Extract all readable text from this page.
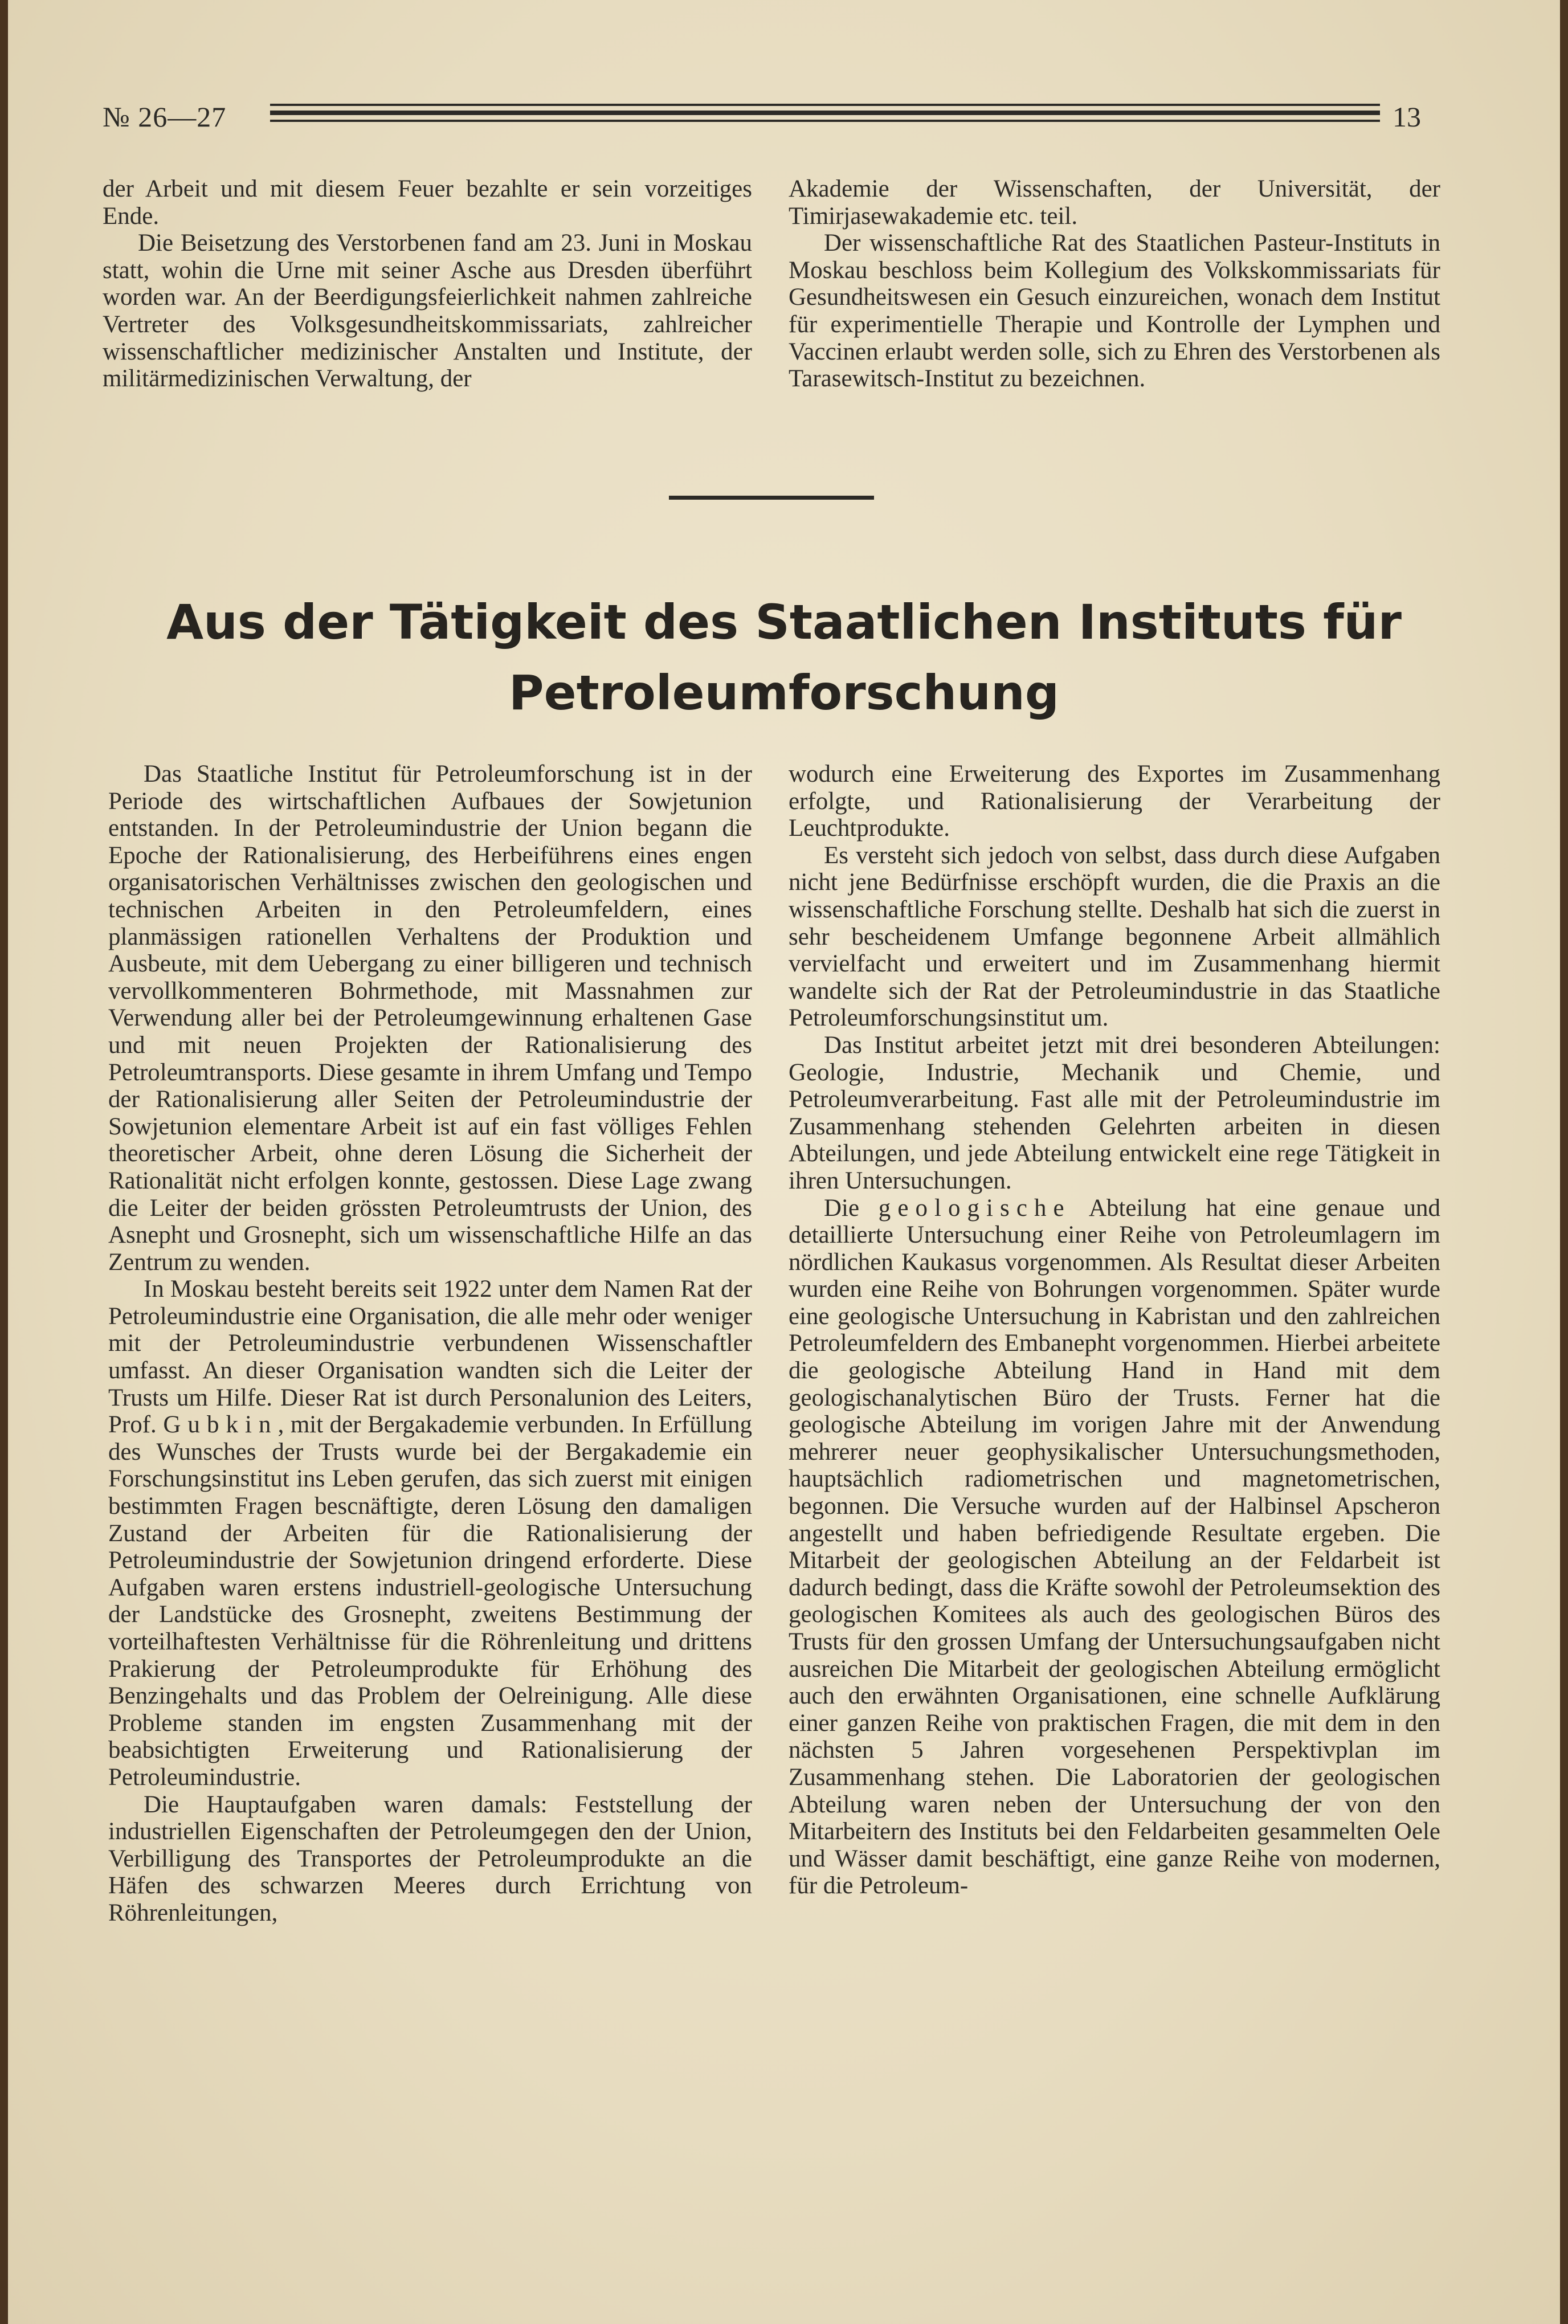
№ 26—27	13

der Arbeit und mit diesem Feuer bezahlte er sein vorzeitiges Ende.

Die Beisetzung des Verstorbenen fand am 23. Juni in Moskau statt, wohin die Urne mit seiner Asche aus Dresden überführt worden war. An der Beerdigungsfeierlichkeit nahmen zahlreiche Vertreter des Volksgesundheitskommissariats, zahlreicher wissenschaftlicher medizinischer Anstalten und Institute, der militärmedizinischen Verwaltung, der

Akademie der Wissenschaften, der Universität, der Timirjasewakademie etc. teil.

Der wissenschaftliche Rat des Staatlichen Pasteur-Instituts in Moskau beschloss beim Kollegium des Volkskommissariats für Gesundheitswesen ein Gesuch einzureichen, wonach dem Institut für experimentielle Therapie und Kontrolle der Lymphen und Vaccinen erlaubt werden solle, sich zu Ehren des Verstorbenen als Tarasewitsch-Institut zu bezeichnen.

Aus der Tätigkeit des Staatlichen Instituts für
Petroleumforschung

Das Staatliche Institut für Petroleumforschung ist in der Periode des wirtschaftlichen Aufbaues der Sowjetunion entstanden. In der Petroleumindustrie der Union begann die Epoche der Rationalisierung, des Herbeiführens eines engen organisatorischen Verhältnisses zwischen den geologischen und technischen Arbeiten in den Petroleumfeldern, eines planmässigen rationellen Verhaltens der Produktion und Ausbeute, mit dem Uebergang zu einer billigeren und technisch vervollkommenteren Bohrmethode, mit Massnahmen zur Verwendung aller bei der Petroleumgewinnung erhaltenen Gase und mit neuen Projekten der Rationalisierung des Petroleumtransports. Diese gesamte in ihrem Umfang und Tempo der Rationalisierung aller Seiten der Petroleumindustrie der Sowjetunion elementare Arbeit ist auf ein fast völliges Fehlen theoretischer Arbeit, ohne deren Lösung die Sicherheit der Rationalität nicht erfolgen konnte, gestossen. Diese Lage zwang die Leiter der beiden grössten Petroleumtrusts der Union, des Asnepht und Grosnepht, sich um wissenschaftliche Hilfe an das Zentrum zu wenden.

In Moskau besteht bereits seit 1922 unter dem Namen Rat der Petroleumindustrie eine Organisation, die alle mehr oder weniger mit der Petroleumindustrie verbundenen Wissenschaftler umfasst. An dieser Organisation wandten sich die Leiter der Trusts um Hilfe. Dieser Rat ist durch Personalunion des Leiters, Prof. Gubkin, mit der Bergakademie verbunden. In Erfüllung des Wunsches der Trusts wurde bei der Bergakademie ein Forschungsinstitut ins Leben gerufen, das sich zuerst mit einigen bestimmten Fragen bescnäftigte, deren Lösung den damaligen Zustand der Arbeiten für die Rationalisierung der Petroleumindustrie der Sowjetunion dringend erforderte. Diese Aufgaben waren erstens industriell-geologische Untersuchung der Landstücke des Grosnepht, zweitens Bestimmung der vorteilhaftesten Verhältnisse für die Röhrenleitung und drittens Prakierung der Petroleumprodukte für Erhöhung des Benzingehalts und das Problem der Oelreinigung. Alle diese Probleme standen im engsten Zusammenhang mit der beabsichtigten Erweiterung und Rationalisierung der Petroleumindustrie.

Die Hauptaufgaben waren damals: Feststellung der industriellen Eigenschaften der Petroleumgegen den der Union, Verbilligung des Transportes der Petroleumprodukte an die Häfen des schwarzen Meeres durch Errichtung von Röhrenleitungen,

wodurch eine Erweiterung des Exportes im Zusammenhang erfolgte, und Rationalisierung der Verarbeitung der Leuchtprodukte.

Es versteht sich jedoch von selbst, dass durch diese Aufgaben nicht jene Bedürfnisse erschöpft wurden, die die Praxis an die wissenschaftliche Forschung stellte. Deshalb hat sich die zuerst in sehr bescheidenem Umfange begonnene Arbeit allmählich vervielfacht und erweitert und im Zusammenhang hiermit wandelte sich der Rat der Petroleumindustrie in das Staatliche Petroleumforschungsinstitut um.

Das Institut arbeitet jetzt mit drei besonderen Abteilungen: Geologie, Industrie, Mechanik und Chemie, und Petroleumverarbeitung. Fast alle mit der Petroleumindustrie im Zusammenhang stehenden Gelehrten arbeiten in diesen Abteilungen, und jede Abteilung entwickelt eine rege Tätigkeit in ihren Untersuchungen.

Die geologische Abteilung hat eine genaue und detaillierte Untersuchung einer Reihe von Petroleumlagern im nördlichen Kaukasus vorgenommen. Als Resultat dieser Arbeiten wurden eine Reihe von Bohrungen vorgenommen. Später wurde eine geologische Untersuchung in Kabristan und den zahlreichen Petroleumfeldern des Embanepht vorgenommen. Hierbei arbeitete die geologische Abteilung Hand in Hand mit dem geologischanalytischen Büro der Trusts. Ferner hat die geologische Abteilung im vorigen Jahre mit der Anwendung mehrerer neuer geophysikalischer Untersuchungsmethoden, hauptsächlich radiometrischen und magnetometrischen, begonnen. Die Versuche wurden auf der Halbinsel Apscheron angestellt und haben befriedigende Resultate ergeben. Die Mitarbeit der geologischen Abteilung an der Feldarbeit ist dadurch bedingt, dass die Kräfte sowohl der Petroleumsektion des geologischen Komitees als auch des geologischen Büros des Trusts für den grossen Umfang der Untersuchungsaufgaben nicht ausreichen Die Mitarbeit der geologischen Abteilung ermöglicht auch den erwähnten Organisationen, eine schnelle Aufklärung einer ganzen Reihe von praktischen Fragen, die mit dem in den nächsten 5 Jahren vorgesehenen Perspektivplan im Zusammenhang stehen. Die Laboratorien der geologischen Abteilung waren neben der Untersuchung der von den Mitarbeitern des Instituts bei den Feldarbeiten gesammelten Oele und Wässer damit beschäftigt, eine ganze Reihe von modernen, für die Petroleum-
